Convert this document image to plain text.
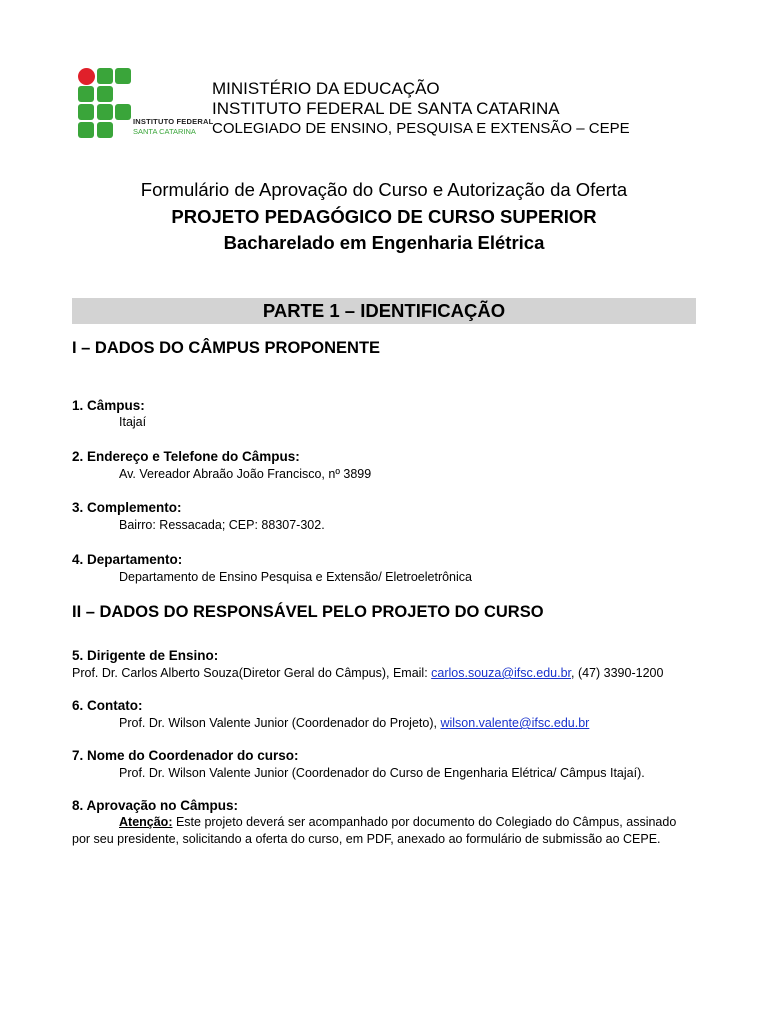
INSTITUTO FEDERAL
SANTA CATARINA
MINISTÉRIO DA EDUCAÇÃO
INSTITUTO FEDERAL DE SANTA CATARINA
COLEGIADO DE ENSINO, PESQUISA E EXTENSÃO – CEPE
Formulário de Aprovação do Curso e Autorização da Oferta
PROJETO PEDAGÓGICO DE CURSO SUPERIOR
Bacharelado em Engenharia Elétrica
PARTE 1 – IDENTIFICAÇÃO
I – DADOS DO CÂMPUS PROPONENTE
1. Câmpus:
Itajaí
2. Endereço e Telefone do Câmpus:
Av. Vereador Abraão João Francisco, nº 3899
3. Complemento:
Bairro: Ressacada; CEP: 88307-302.
4. Departamento:
Departamento de Ensino Pesquisa e Extensão/ Eletroeletrônica
II – DADOS DO RESPONSÁVEL PELO PROJETO DO CURSO
5. Dirigente de Ensino:
Prof. Dr. Carlos Alberto Souza(Diretor Geral do Câmpus), Email: carlos.souza@ifsc.edu.br, (47) 3390-1200
6. Contato:
Prof. Dr. Wilson Valente Junior (Coordenador do Projeto), wilson.valente@ifsc.edu.br
7. Nome do Coordenador do curso:
Prof. Dr. Wilson Valente Junior (Coordenador do Curso de Engenharia Elétrica/ Câmpus Itajaí).
8. Aprovação no Câmpus:
Atenção: Este projeto deverá ser acompanhado por documento do Colegiado do Câmpus, assinado
por seu presidente, solicitando a oferta do curso, em PDF, anexado ao formulário de submissão ao CEPE.
